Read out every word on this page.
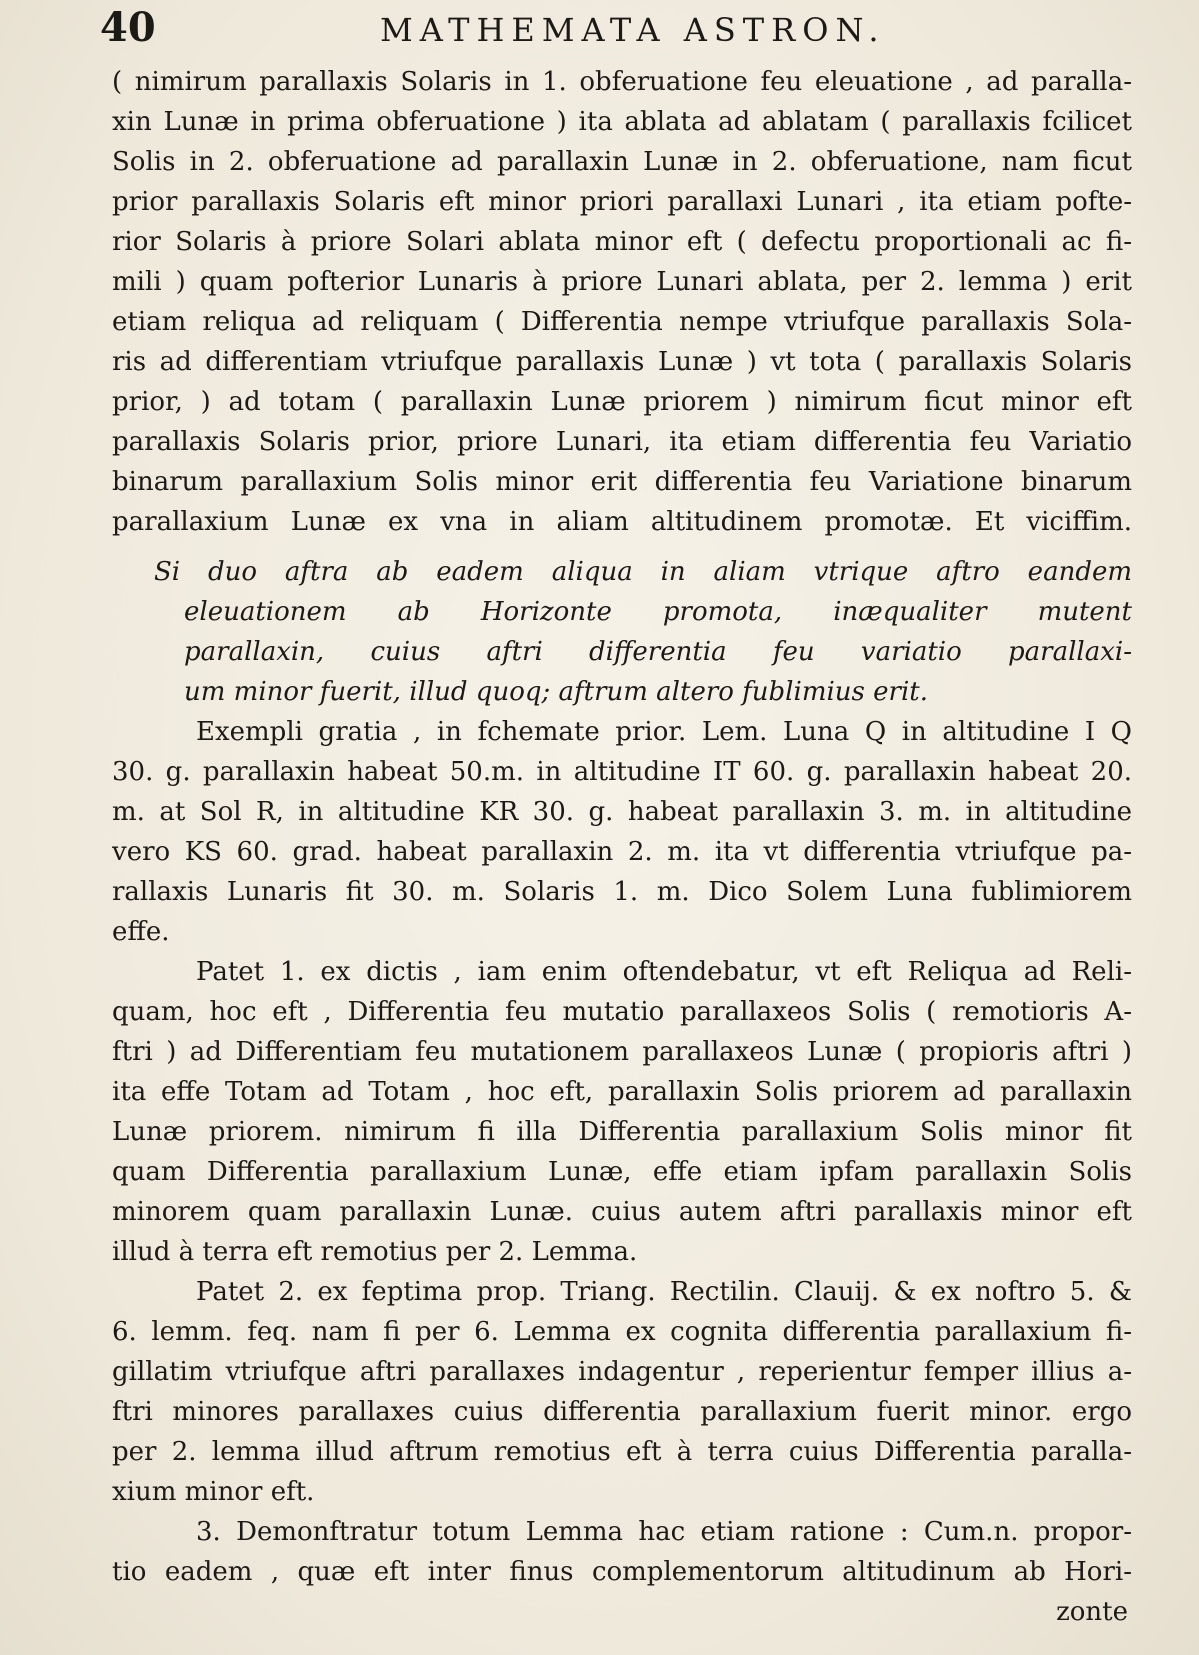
40	MATHEMATA ASTRON.
( nimirum parallaxis Solaris in 1. obferuatione feu eleuatione , ad paralla-
xin Lunæ in prima obferuatione ) ita ablata ad ablatam ( parallaxis fcilicet
Solis in 2. obferuatione ad parallaxin Lunæ in 2. obferuatione, nam ficut
prior parallaxis Solaris eft minor priori parallaxi Lunari , ita etiam pofte-
rior Solaris à priore Solari ablata minor eft ( defectu proportionali ac fi-
mili ) quam pofterior Lunaris à priore Lunari ablata, per 2. lemma ) erit
etiam reliqua ad reliquam ( Differentia nempe vtriufque parallaxis Sola-
ris ad differentiam vtriufque parallaxis Lunæ ) vt tota ( parallaxis Solaris
prior, ) ad totam ( parallaxin Lunæ priorem ) nimirum ficut minor eft
parallaxis Solaris prior, priore Lunari, ita etiam differentia feu Variatio
binarum parallaxium Solis minor erit differentia feu Variatione binarum
parallaxium Lunæ ex vna in aliam altitudinem promotæ. Et viciffim.
Si duo aftra ab eadem aliqua in aliam vtrique aftro eandem
eleuationem ab Horizonte promota, inæqualiter mutent
parallaxin, cuius aftri differentia feu variatio parallaxi-
um minor fuerit, illud quoq; aftrum altero fublimius erit.
Exempli gratia , in fchemate prior. Lem. Luna Q in altitudine I Q
30. g. parallaxin habeat 50.m. in altitudine IT 60. g. parallaxin habeat 20.
m. at Sol R, in altitudine KR 30. g. habeat parallaxin 3. m. in altitudine
vero KS 60. grad. habeat parallaxin 2. m. ita vt differentia vtriufque pa-
rallaxis Lunaris fit 30. m. Solaris 1. m. Dico Solem Luna fublimiorem
effe.
Patet 1. ex dictis , iam enim oftendebatur, vt eft Reliqua ad Reli-
quam, hoc eft , Differentia feu mutatio parallaxeos Solis ( remotioris A-
ftri ) ad Differentiam feu mutationem parallaxeos Lunæ ( propioris aftri )
ita effe Totam ad Totam , hoc eft, parallaxin Solis priorem ad parallaxin
Lunæ priorem. nimirum fi illa Differentia parallaxium Solis minor fit
quam Differentia parallaxium Lunæ, effe etiam ipfam parallaxin Solis
minorem quam parallaxin Lunæ. cuius autem aftri parallaxis minor eft
illud à terra eft remotius per 2. Lemma.
Patet 2. ex feptima prop. Triang. Rectilin. Clauij. & ex noftro 5. &
6. lemm. feq. nam fi per 6. Lemma ex cognita differentia parallaxium fi-
gillatim vtriufque aftri parallaxes indagentur , reperientur femper illius a-
ftri minores parallaxes cuius differentia parallaxium fuerit minor. ergo
per 2. lemma illud aftrum remotius eft à terra cuius Differentia paralla-
xium minor eft.
3. Demonftratur totum Lemma hac etiam ratione : Cum.n. propor-
tio eadem , quæ eft inter finus complementorum altitudinum ab Hori-
zonte
